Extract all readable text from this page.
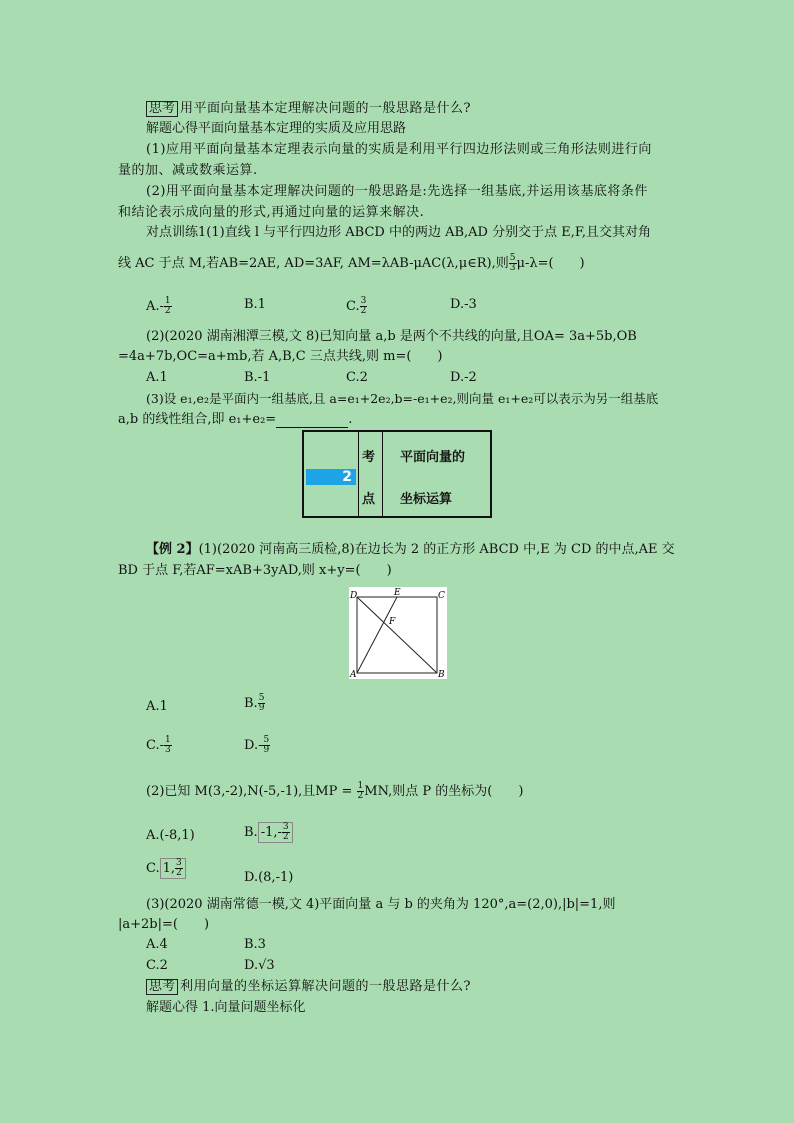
思考 用平面向量基本定理解决问题的一般思路是什么?
解题心得平面向量基本定理的实质及应用思路
(1)应用平面向量基本定理表示向量的实质是利用平行四边形法则或三角形法则进行向
量的加、减或数乘运算.
(2)用平面向量基本定理解决问题的一般思路是:先选择一组基底,并运用该基底将条件
和结论表示成向量的形式,再通过向量的运算来解决.
对点训练1(1)直线 l 与平行四边形 ABCD 中的两边 AB,AD 分别交于点 E,F,且交其对角
线 AC 于点 M,若AB=2AE, AD=3AF, AM=λAB-μAC(λ,μ∈R),则 $\frac{5}{3} \mu-\lambda=$(　　)
$A.- \frac{1}{2}$	B.1	C. $\frac{3}{2}$	D.-3
(2)(2020 湖南湘潭三模,文 8)已知向量 a,b 是两个不共线的向量,且OA= 3a+5b,OB
=4a+7b,OC=a+mb,若 A,B,C 三点共线,则 m=(　　)
A.1	B.-1	C.2	D.-2
(3)设 e₁,e₂是平面内一组基底,且 a=e₁+2e₂,b=-e₁+e₂,则向量 e₁+e₂可以表示为另一组基底
a,b 的线性组合,即 e₁+e₂=	.
2
考
点
平面向量的
坐标运算
【例 2】(1)(2020 河南高三质检,8)在边长为 2 的正方形 ABCD 中,E 为 CD 的中点,AE 交
BD 于点 F,若AF=xAB+3yAD,则 x+y=(　　)
D	E	C
F
A	B
A.1	B. $\frac{5}{9}$
$C.- \frac{1}{3}$	$D.- \frac{5}{9}$
(2)已知 M(3,-2),N(-5,-1),且MP = $\frac{1}{2}$ MN,则点 P 的坐标为(　　)
A.(-8,1)	B. $-1,- \frac{3}{2}$
C. 1, $\frac{3}{2}$	D.(8,-1)
(3)(2020 湖南常德一模,文 4)平面向量 a 与 b 的夹角为 120°,a=(2,0),|b|=1,则
|a+2b|=(　　)
A.4	B.3
C.2	D.√3
思考 利用向量的坐标运算解决问题的一般思路是什么?
解题心得 1.向量问题坐标化
